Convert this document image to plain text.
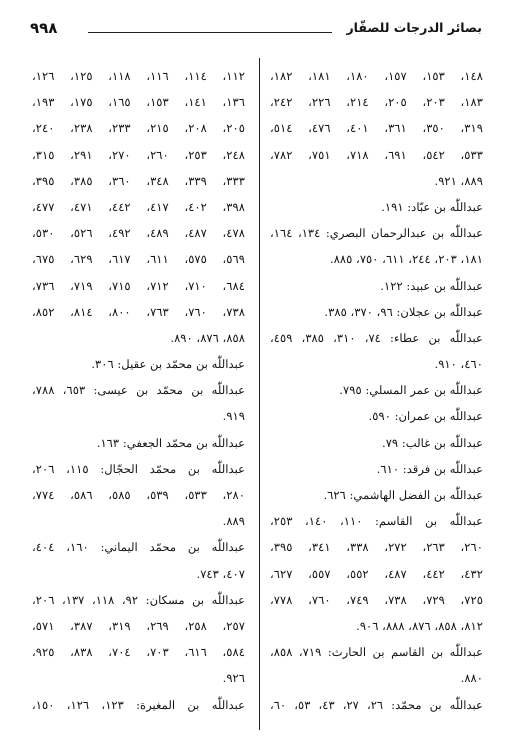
٩٩٨	بصائر الدرجات للصفّار
١٤٨، ١٥٣، ١٥٧، ١٨٠، ١٨١، ١٨٢،
١٨٣، ٢٠٣، ٢٠٥، ٢١٤، ٢٢٦، ٢٤٢،
٣١٩، ٣٥٠، ٣٦١، ٤٠١، ٤٧٦، ٥١٤،
٥٣٣، ٥٤٢، ٦٩١، ٧١٨، ٧٥١، ٧٨٢،
٨٨٩، ٩٢١.
عبداللّٰه بن عبّاد: ١٩١.
عبداللّٰه بن عبدالرحمان البصري: ١٣٤، ١٦٤،
١٨١، ٢٠٣، ٢٤٤، ٦١١، ٧٥٠، ٨٨٥.
عبداللّٰه بن عبيد: ١٢٢.
عبداللّٰه بن عجلان: ٩٦، ٣٧٠، ٣٨٥.
عبداللّٰه بن عطاء: ٧٤، ٣١٠، ٣٨٥، ٤٥٩،
٤٦٠، ٩١٠.
عبداللّٰه بن عمر المسلي: ٧٩٥.
عبداللّٰه بن عمران: ٥٩٠.
عبداللّٰه بن غالب: ٧٩.
عبداللّٰه بن فرقد: ٦١٠.
عبداللّٰه بن الفضل الهاشمي: ٦٢٦.
عبداللّٰه بن القاسم: ١١٠، ١٤٠، ٢٥٣،
٢٦٠، ٢٦٣، ٢٧٢، ٣٣٨، ٣٤١، ٣٩٥،
٤٣٢، ٤٤٢، ٤٨٧، ٥٥٢، ٥٥٧، ٦٢٧،
٧٢٥، ٧٢٩، ٧٣٨، ٧٤٩، ٧٦٠، ٧٧٨،
٨١٢، ٨٥٨، ٨٧٦، ٨٨٨، ٩٠٦.
عبداللّٰه بن القاسم بن الحارث: ٧١٩، ٨٥٨،
٨٨٠.
عبداللّٰه بن محمّد: ٢٦، ٢٧، ٤٣، ٥٣، ٦٠،
١١٢، ١١٤، ١١٦، ١١٨، ١٢٥، ١٢٦،
١٣٦، ١٤١، ١٥٣، ١٦٥، ١٧٥، ١٩٣،
٢٠٥، ٢٠٨، ٢١٥، ٢٣٣، ٢٣٨، ٢٤٠،
٢٤٨، ٢٥٣، ٢٦٠، ٢٧٠، ٢٩١، ٣١٥،
٣٣٣، ٣٣٩، ٣٤٨، ٣٦٠، ٣٨٥، ٣٩٥،
٣٩٨، ٤٠٢، ٤١٧، ٤٤٢، ٤٧١، ٤٧٧،
٤٧٨، ٤٨٧، ٤٨٩، ٤٩٢، ٥٢٦، ٥٣٠،
٥٦٩، ٥٧٥، ٦١١، ٦١٧، ٦٢٩، ٦٧٥،
٦٨٤، ٧١٠، ٧١٢، ٧١٥، ٧١٩، ٧٣٦،
٧٣٨، ٧٦٠، ٧٦٣، ٨٠٠، ٨١٤، ٨٥٢،
٨٥٨، ٨٧٦، ٨٩٠.
عبداللّٰه بن محمّد بن عقيل: ٣٠٦.
عبداللّٰه بن محمّد بن عيسى: ٦٥٣، ٧٨٨،
٩١٩.
عبداللّٰه بن محمّد الجعفي: ١٦٣.
عبداللّٰه بن محمّد الحجّال: ١١٥، ٢٠٦،
٢٨٠، ٥٣٣، ٥٣٩، ٥٨٥، ٥٨٦، ٧٧٤،
٨٨٩.
عبداللّٰه بن محمّد اليماني: ١٦٠، ٤٠٤،
٤٠٧، ٧٤٣.
عبداللّٰه بن مسكان: ٩٢، ١١٨، ١٣٧، ٢٠٦،
٢٥٧، ٢٥٨، ٢٦٩، ٣١٩، ٣٨٧، ٥٧١،
٥٨٤، ٦١٦، ٧٠٣، ٧٠٤، ٨٣٨، ٩٢٥،
٩٢٦.
عبداللّٰه بن المغيرة: ١٢٣، ١٢٦، ١٥٠،
